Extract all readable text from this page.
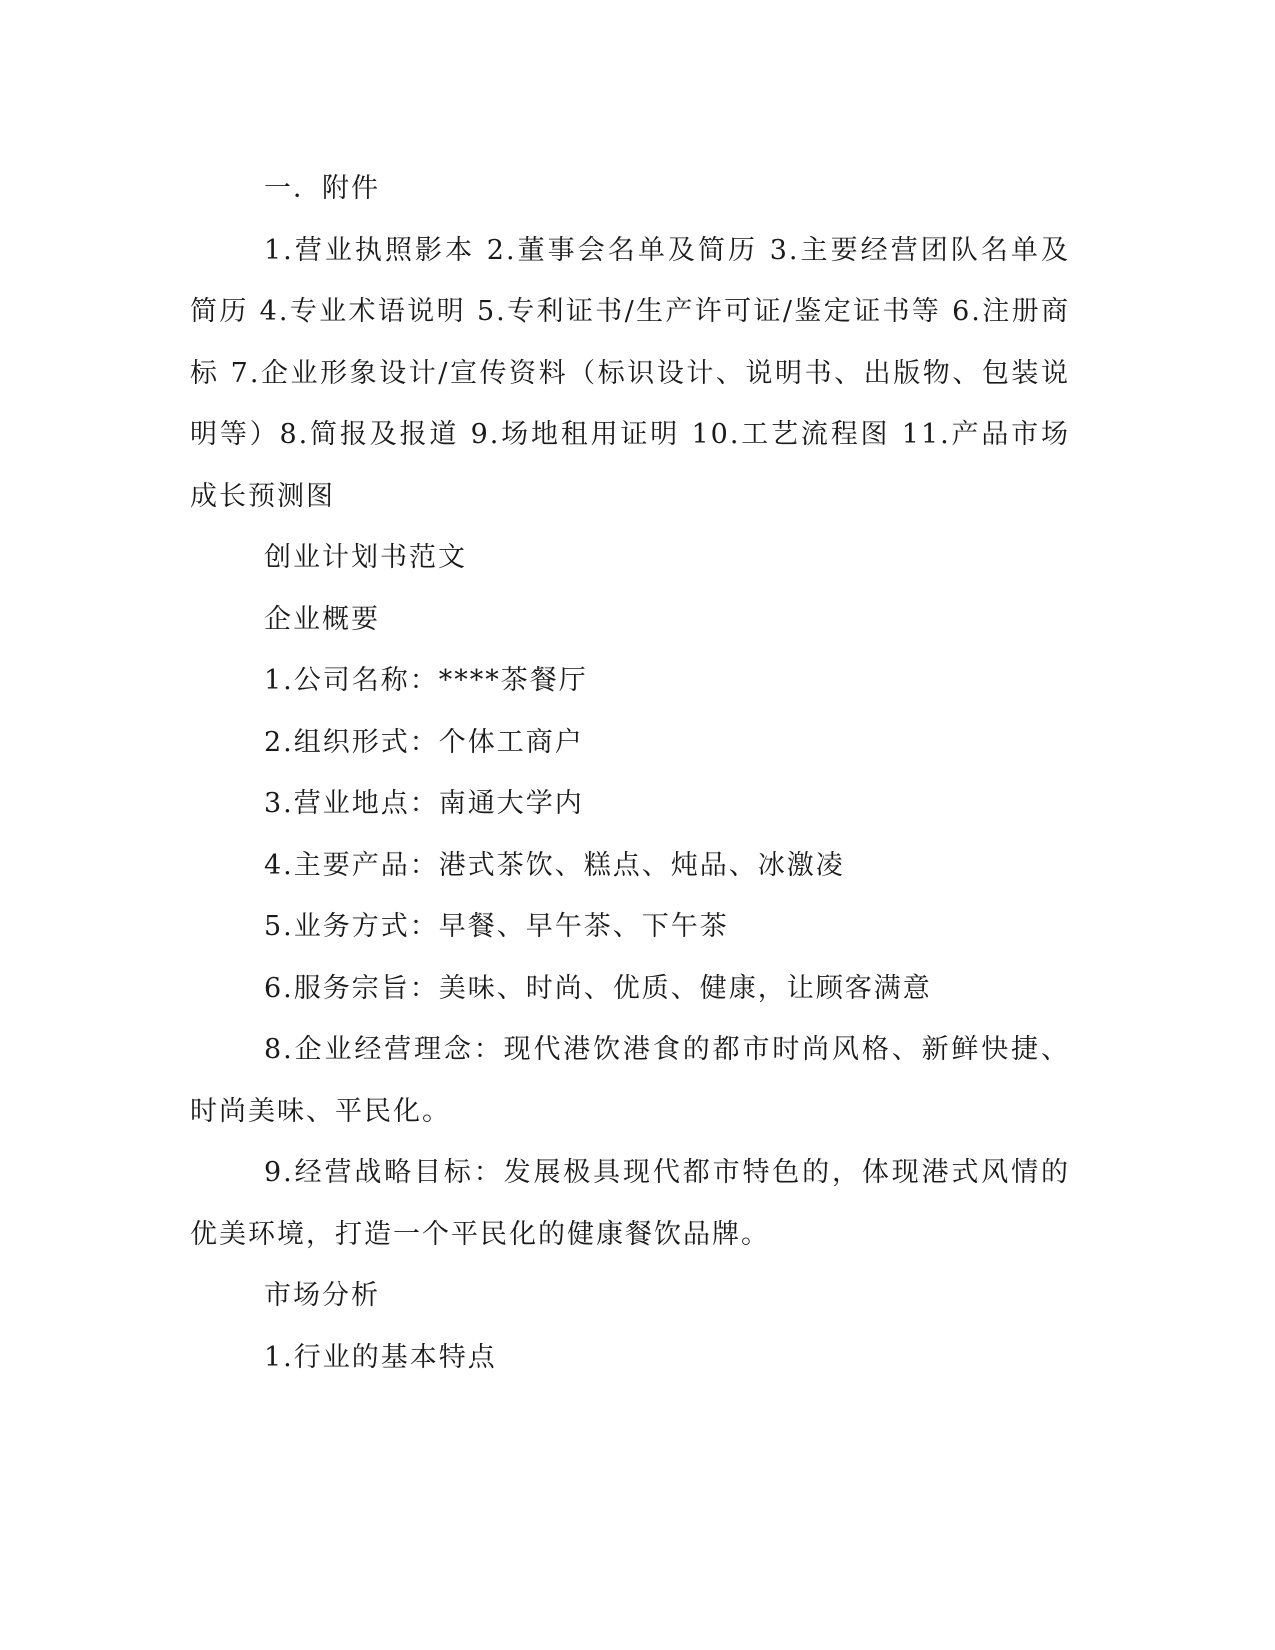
一．附件

1.营业执照影本 2.董事会名单及简历 3.主要经营团队名单及简历 4.专业术语说明 5.专利证书/生产许可证/鉴定证书等 6.注册商标 7.企业形象设计/宣传资料（标识设计、说明书、出版物、包装说明等）8.简报及报道 9.场地租用证明 10.工艺流程图 11.产品市场成长预测图

创业计划书范文

企业概要

1.公司名称：****茶餐厅

2.组织形式：个体工商户

3.营业地点：南通大学内

4.主要产品：港式茶饮、糕点、炖品、冰激凌

5.业务方式：早餐、早午茶、下午茶

6.服务宗旨：美味、时尚、优质、健康，让顾客满意

8.企业经营理念：现代港饮港食的都市时尚风格、新鲜快捷、时尚美味、平民化。

9.经营战略目标：发展极具现代都市特色的，体现港式风情的优美环境，打造一个平民化的健康餐饮品牌。

市场分析

1.行业的基本特点
